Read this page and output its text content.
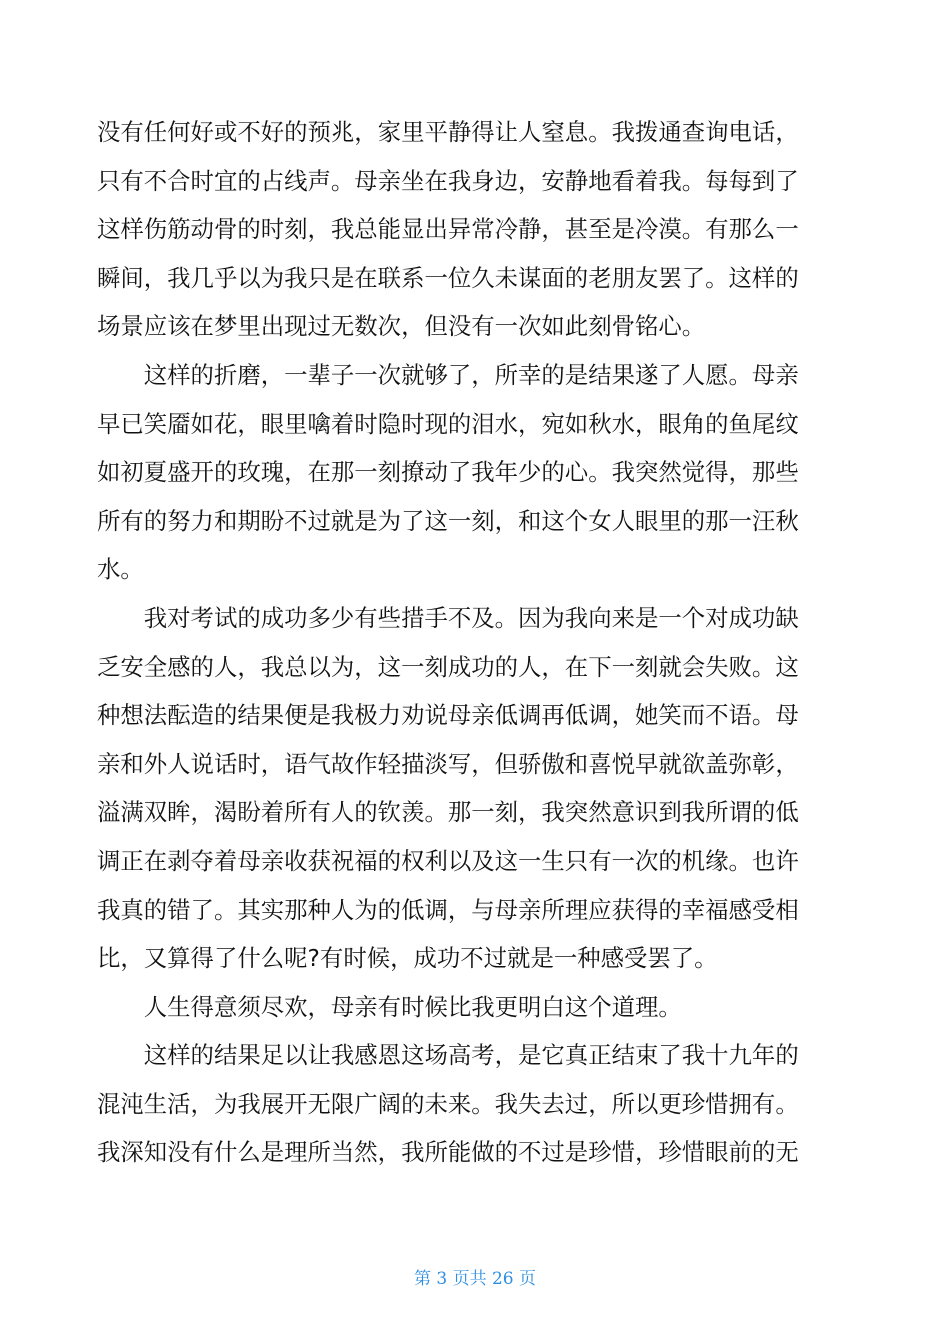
没有任何好或不好的预兆，家里平静得让人窒息。我拨通查询电话，

只有不合时宜的占线声。母亲坐在我身边，安静地看着我。每每到了

这样伤筋动骨的时刻，我总能显出异常冷静，甚至是冷漠。有那么一

瞬间，我几乎以为我只是在联系一位久未谋面的老朋友罢了。这样的

场景应该在梦里出现过无数次，但没有一次如此刻骨铭心。

　　这样的折磨，一辈子一次就够了，所幸的是结果遂了人愿。母亲

早已笑靥如花，眼里噙着时隐时现的泪水，宛如秋水，眼角的鱼尾纹

如初夏盛开的玫瑰，在那一刻撩动了我年少的心。我突然觉得，那些

所有的努力和期盼不过就是为了这一刻，和这个女人眼里的那一汪秋

水。

　　我对考试的成功多少有些措手不及。因为我向来是一个对成功缺

乏安全感的人，我总以为，这一刻成功的人，在下一刻就会失败。这

种想法酝造的结果便是我极力劝说母亲低调再低调，她笑而不语。母

亲和外人说话时，语气故作轻描淡写，但骄傲和喜悦早就欲盖弥彰，

溢满双眸，渴盼着所有人的钦羡。那一刻，我突然意识到我所谓的低

调正在剥夺着母亲收获祝福的权利以及这一生只有一次的机缘。也许

我真的错了。其实那种人为的低调，与母亲所理应获得的幸福感受相

比，又算得了什么呢?有时候，成功不过就是一种感受罢了。

　　人生得意须尽欢，母亲有时候比我更明白这个道理。

　　这样的结果足以让我感恩这场高考，是它真正结束了我十九年的

混沌生活，为我展开无限广阔的未来。我失去过，所以更珍惜拥有。

我深知没有什么是理所当然，我所能做的不过是珍惜，珍惜眼前的无

第 3 页共 26 页
